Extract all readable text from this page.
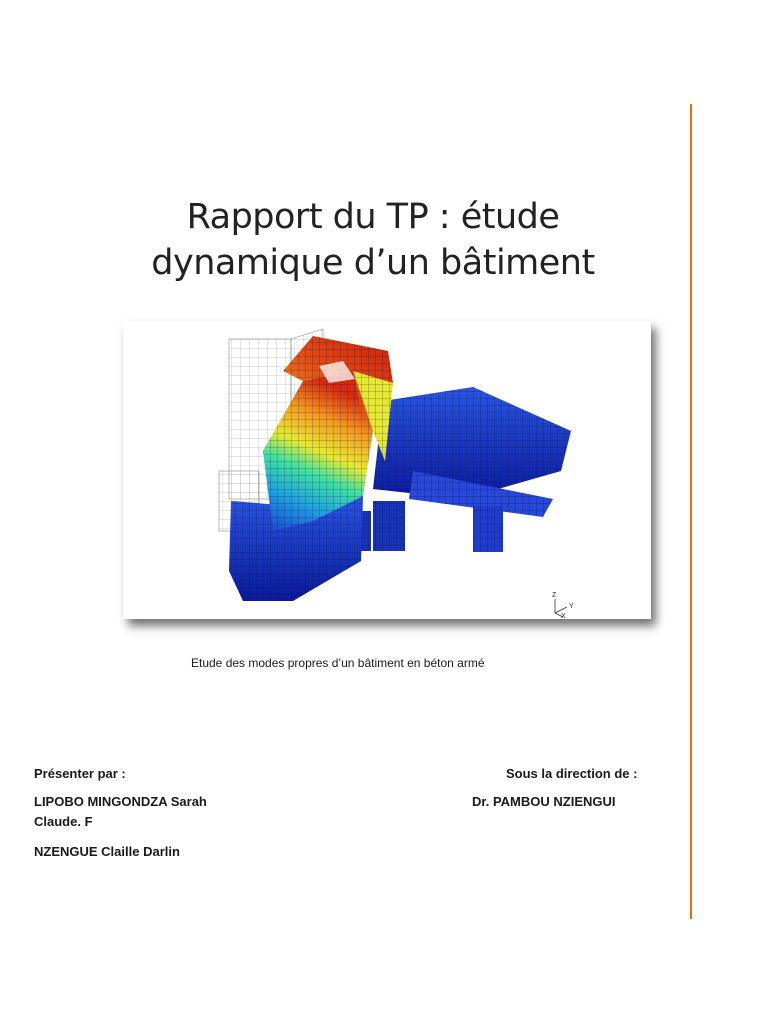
Rapport du TP : étude
dynamique d’un bâtiment
Z
Y
X
Etude des modes propres d’un bâtiment en béton armé
Présenter par :	Sous la direction de :
LIPOBO MINGONDZA Sarah
Claude. F
Dr. PAMBOU NZIENGUI
NZENGUE Claille Darlin
